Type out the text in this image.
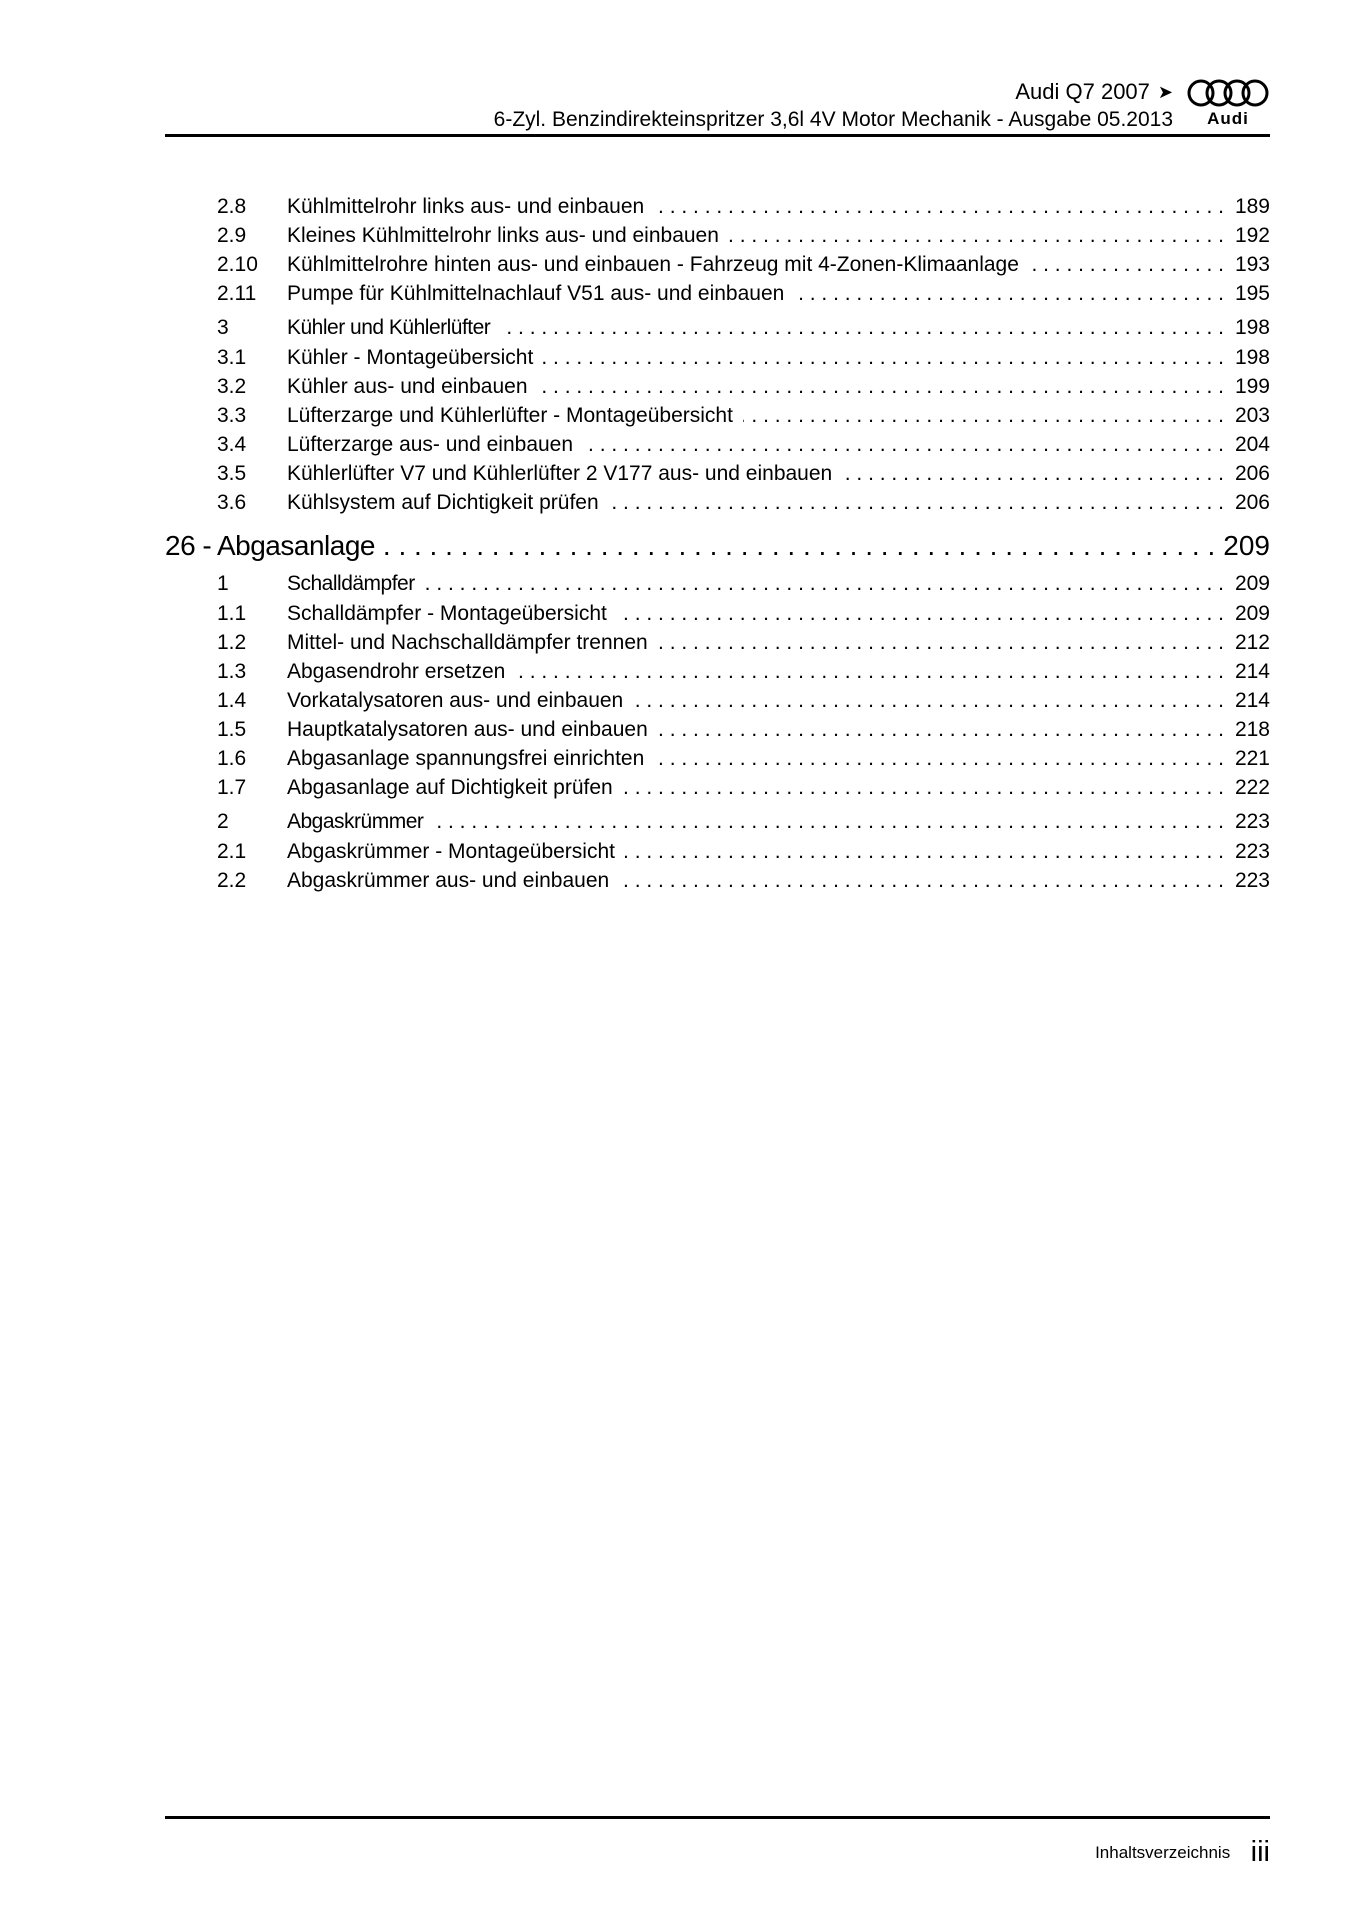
Audi Q7 2007 ➤
6-Zyl. Benzindirekteinspritzer 3,6l 4V Motor Mechanik - Ausgabe 05.2013	Audi
2.8	Kühlmittelrohr links aus- und einbauen . . .	189
2.9	Kleines Kühlmittelrohr links aus- und einbauen . . .	192
2.10	Kühlmittelrohre hinten aus- und einbauen - Fahrzeug mit 4-Zonen-Klimaanlage . . .	193
2.11	Pumpe für Kühlmittelnachlauf V51 aus- und einbauen . . .	195
3	Kühler und Kühlerlüfter . . .	198
3.1	Kühler - Montageübersicht . . .	198
3.2	Kühler aus- und einbauen . . .	199
3.3	Lüfterzarge und Kühlerlüfter - Montageübersicht . . .	203
3.4	Lüfterzarge aus- und einbauen . . .	204
3.5	Kühlerlüfter V7 und Kühlerlüfter 2 V177 aus- und einbauen . . .	206
3.6	Kühlsystem auf Dichtigkeit prüfen . . .	206
26 - Abgasanlage . . .	209
1	Schalldämpfer . . .	209
1.1	Schalldämpfer - Montageübersicht . . .	209
1.2	Mittel- und Nachschalldämpfer trennen . . .	212
1.3	Abgasendrohr ersetzen . . .	214
1.4	Vorkatalysatoren aus- und einbauen . . .	214
1.5	Hauptkatalysatoren aus- und einbauen . . .	218
1.6	Abgasanlage spannungsfrei einrichten . . .	221
1.7	Abgasanlage auf Dichtigkeit prüfen . . .	222
2	Abgaskrümmer . . .	223
2.1	Abgaskrümmer - Montageübersicht . . .	223
2.2	Abgaskrümmer aus- und einbauen . . .	223
Inhaltsverzeichnis iii
